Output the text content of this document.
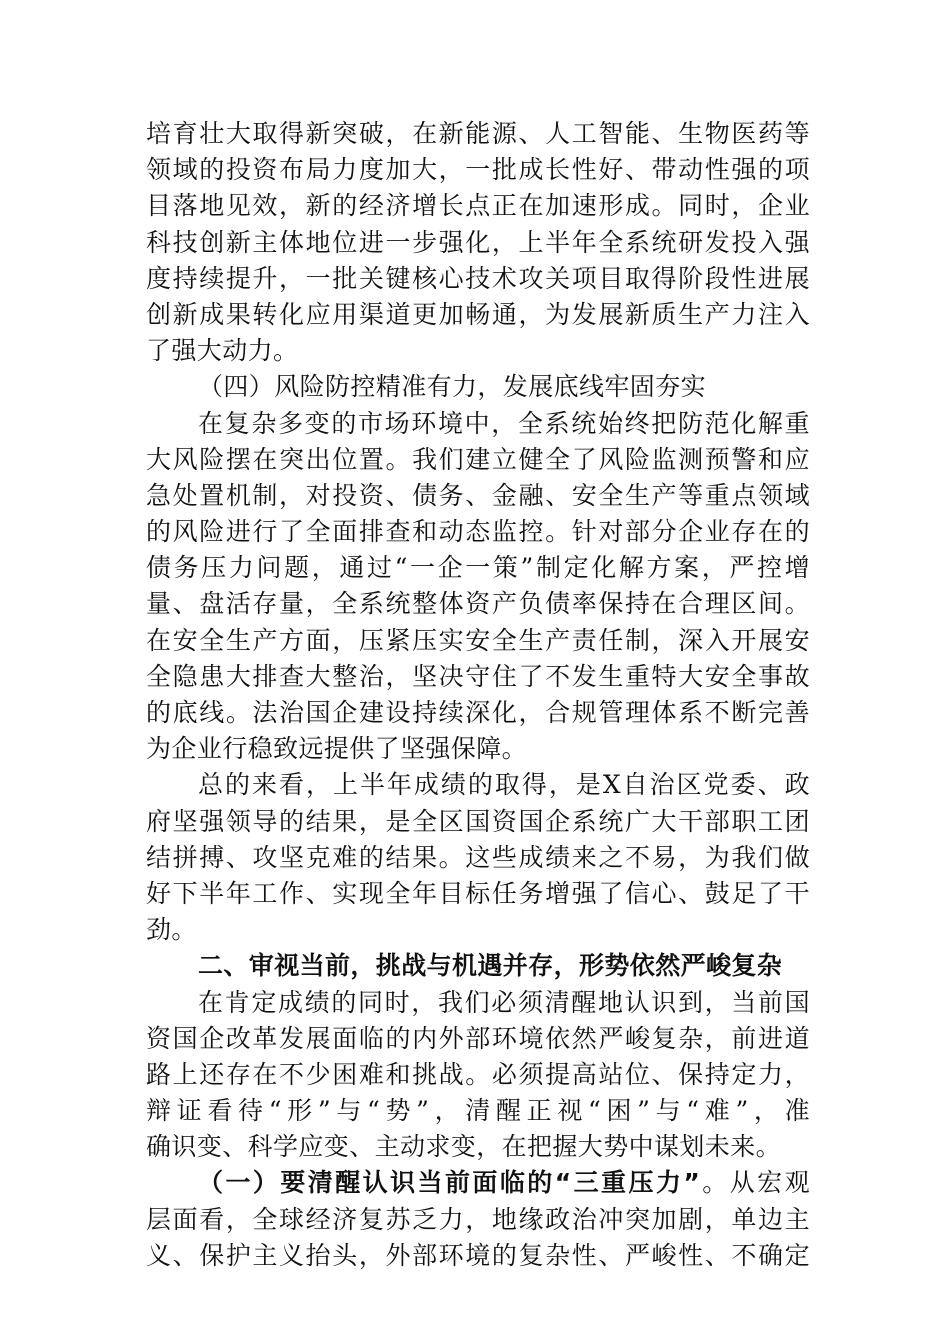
培育壮大取得新突破，在新能源、人工智能、生物医药等
领域的投资布局力度加大，一批成长性好、带动性强的项
目落地见效，新的经济增长点正在加速形成。同时，企业
科技创新主体地位进一步强化，上半年全系统研发投入强
度持续提升，一批关键核心技术攻关项目取得阶段性进展
创新成果转化应用渠道更加畅通，为发展新质生产力注入
了强大动力。
（四）风险防控精准有力，发展底线牢固夯实
在复杂多变的市场环境中，全系统始终把防范化解重
大风险摆在突出位置。我们建立健全了风险监测预警和应
急处置机制，对投资、债务、金融、安全生产等重点领域
的风险进行了全面排查和动态监控。针对部分企业存在的
债务压力问题，通过“一企一策”制定化解方案，严控增
量、盘活存量，全系统整体资产负债率保持在合理区间。
在安全生产方面，压紧压实安全生产责任制，深入开展安
全隐患大排查大整治，坚决守住了不发生重特大安全事故
的底线。法治国企建设持续深化，合规管理体系不断完善
为企业行稳致远提供了坚强保障。
总的来看，上半年成绩的取得，是X自治区党委、政
府坚强领导的结果，是全区国资国企系统广大干部职工团
结拼搏、攻坚克难的结果。这些成绩来之不易，为我们做
好下半年工作、实现全年目标任务增强了信心、鼓足了干
劲。
二、审视当前，挑战与机遇并存，形势依然严峻复杂
在肯定成绩的同时，我们必须清醒地认识到，当前国
资国企改革发展面临的内外部环境依然严峻复杂，前进道
路上还存在不少困难和挑战。必须提高站位、保持定力，
辩证看待“形”与“势”，清醒正视“困”与“难”，准
确识变、科学应变、主动求变，在把握大势中谋划未来。
（一）要清醒认识当前面临的“三重压力”。从宏观
层面看，全球经济复苏乏力，地缘政治冲突加剧，单边主
义、保护主义抬头，外部环境的复杂性、严峻性、不确定
